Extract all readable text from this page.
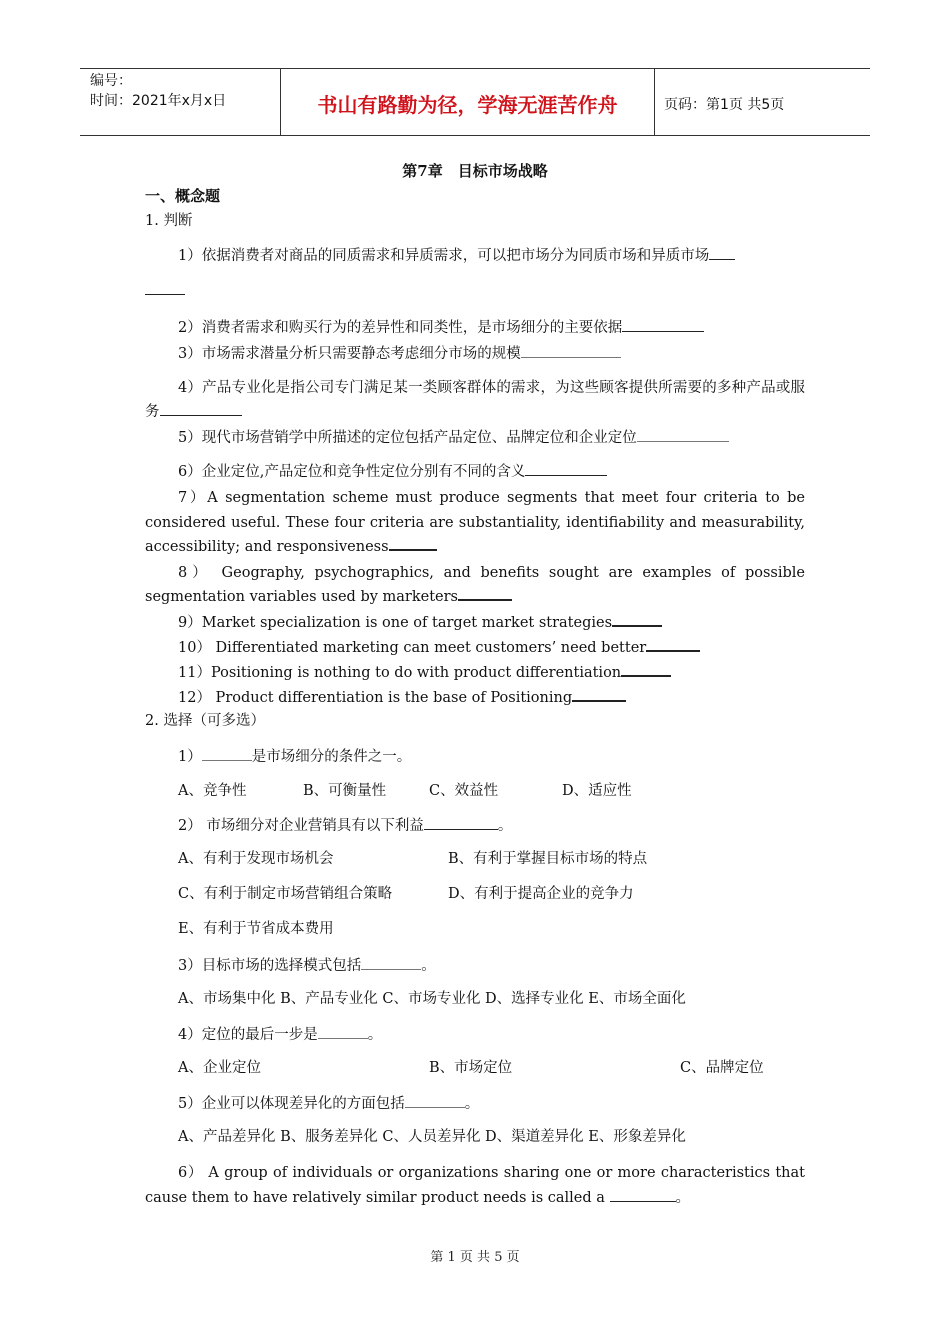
编号：
时间：2021年x月x日	书山有路勤为径，学海无涯苦作舟	页码：第1页 共5页
第7章　目标市场战略
一、概念题
1. 判断
1）依据消费者对商品的同质需求和异质需求，可以把市场分为同质市场和异质市场
2）消费者需求和购买行为的差异性和同类性，是市场细分的主要依据
3）市场需求潜量分析只需要静态考虑细分市场的规模
4）产品专业化是指公司专门满足某一类顾客群体的需求，为这些顾客提供所需要的多种产品或服务
5）现代市场营销学中所描述的定位包括产品定位、品牌定位和企业定位
6）企业定位,产品定位和竞争性定位分别有不同的含义
7）A segmentation scheme must produce segments that meet four criteria to be considered useful. These four criteria are substantiality, identifiability and measurability, accessibility; and responsiveness
8） Geography, psychographics, and benefits sought are examples of possible segmentation variables used by marketers
9）Market specialization is one of target market strategies
10） Differentiated marketing can meet customers’ need better
11）Positioning is nothing to do with product differentiation
12） Product differentiation is the base of Positioning
2. 选择（可多选）
1）	是市场细分的条件之一。
A、竞争性	B、可衡量性	C、效益性	D、适应性
2） 市场细分对企业营销具有以下利益	。
A、有利于发现市场机会	B、有利于掌握目标市场的特点
C、有利于制定市场营销组合策略	D、有利于提高企业的竞争力
E、有利于节省成本费用
3）目标市场的选择模式包括	。
A、市场集中化 B、产品专业化 C、市场专业化 D、选择专业化 E、市场全面化
4）定位的最后一步是	。
A、企业定位	B、市场定位	C、品牌定位
5）企业可以体现差异化的方面包括	。
A、产品差异化 B、服务差异化 C、人员差异化 D、渠道差异化 E、形象差异化
6） A group of individuals or organizations sharing one or more characteristics that cause them to have relatively similar product needs is called a	。
第 1 页 共 5 页
